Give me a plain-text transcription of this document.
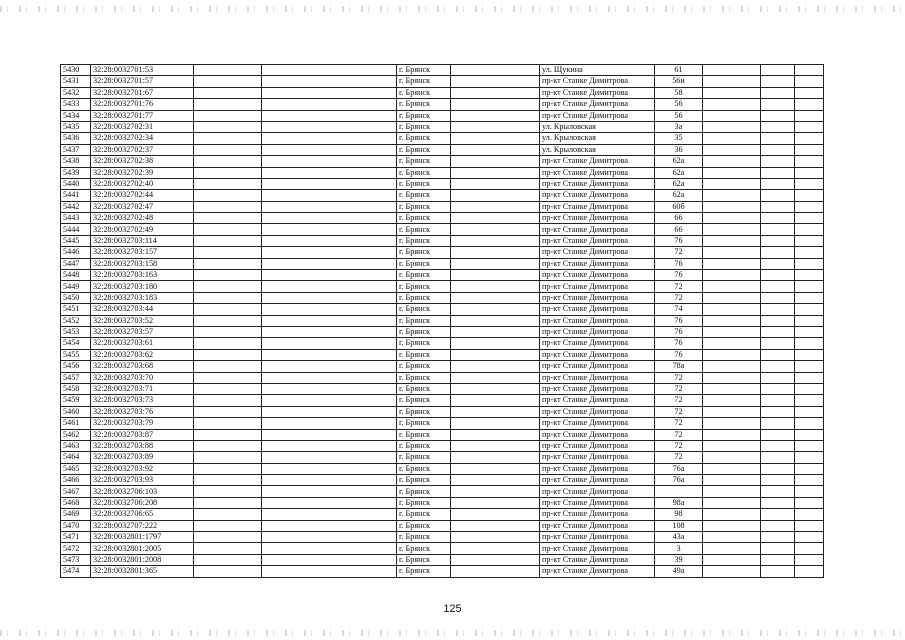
5430	32:28:0032701:53			г. Брянск		ул. Щукина	61			
5431	32:28:0032701:57			г. Брянск		пр-кт Станке Димитрова	56и			
5432	32:28:0032701:67			г. Брянск		пр-кт Станке Димитрова	58			
5433	32:28:0032701:76			г. Брянск		пр-кт Станке Димитрова	56			
5434	32:28:0032701:77			г. Брянск		пр-кт Станке Димитрова	56			
5435	32:28:0032702:31			г. Брянск		ул. Крыловская	3а			
5436	32:28:0032702:34			г. Брянск		ул. Крыловская	35			
5437	32:28:0032702:37			г. Брянск		ул. Крыловская	36			
5438	32:28:0032702:38			г. Брянск		пр-кт Станке Димитрова	62а			
5439	32:28:0032702:39			г. Брянск		пр-кт Станке Димитрова	62а			
5440	32:28:0032702:40			г. Брянск		пр-кт Станке Димитрова	62а			
5441	32:28:0032702:44			г. Брянск		пр-кт Станке Димитрова	62а			
5442	32:28:0032702:47			г. Брянск		пр-кт Станке Димитрова	60б			
5443	32:28:0032702:48			г. Брянск		пр-кт Станке Димитрова	66			
5444	32:28:0032702:49			г. Брянск		пр-кт Станке Димитрова	66			
5445	32:28:0032703:114			г. Брянск		пр-кт Станке Димитрова	76			
5446	32:28:0032703:157			г. Брянск		пр-кт Станке Димитрова	72			
5447	32:28:0032703:158			г. Брянск		пр-кт Станке Димитрова	76			
5448	32:28:0032703:163			г. Брянск		пр-кт Станке Димитрова	76			
5449	32:28:0032703:180			г. Брянск		пр-кт Станке Димитрова	72			
5450	32:28:0032703:183			г. Брянск		пр-кт Станке Димитрова	72			
5451	32:28:0032703:44			г. Брянск		пр-кт Станке Димитрова	74			
5452	32:28:0032703:52			г. Брянск		пр-кт Станке Димитрова	76			
5453	32:28:0032703:57			г. Брянск		пр-кт Станке Димитрова	76			
5454	32:28:0032703:61			г. Брянск		пр-кт Станке Димитрова	76			
5455	32:28:0032703:62			г. Брянск		пр-кт Станке Димитрова	76			
5456	32:28:0032703:68			г. Брянск		пр-кт Станке Димитрова	78а			
5457	32:28:0032703:70			г. Брянск		пр-кт Станке Димитрова	72			
5458	32:28:0032703:71			г. Брянск		пр-кт Станке Димитрова	72			
5459	32:28:0032703:73			г. Брянск		пр-кт Станке Димитрова	72			
5460	32:28:0032703:76			г. Брянск		пр-кт Станке Димитрова	72			
5461	32:28:0032703:79			г. Брянск		пр-кт Станке Димитрова	72			
5462	32:28:0032703:87			г. Брянск		пр-кт Станке Димитрова	72			
5463	32:28:0032703:88			г. Брянск		пр-кт Станке Димитрова	72			
5464	32:28:0032703:89			г. Брянск		пр-кт Станке Димитрова	72			
5465	32:28:0032703:92			г. Брянск		пр-кт Станке Димитрова	76а			
5466	32:28:0032703:93			г. Брянск		пр-кт Станке Димитрова	76а			
5467	32:28:0032706:103			г. Брянск		пр-кт Станке Димитрова				
5468	32:28:0032706:208			г. Брянск		пр-кт Станке Димитрова	98а			
5469	32:28:0032706:65			г. Брянск		пр-кт Станке Димитрова	98			
5470	32:28:0032707:222			г. Брянск		пр-кт Станке Димитрова	108			
5471	32:28:0032801:1797			г. Брянск		пр-кт Станке Димитрова	43а			
5472	32:28:0032801:2005			г. Брянск		пр-кт Станке Димитрова	3			
5473	32:28:0032801:2008			г. Брянск		пр-кт Станке Димитрова	39			
5474	32:28:0032801:365			г. Брянск		пр-кт Станке Димитрова	49а			
125
